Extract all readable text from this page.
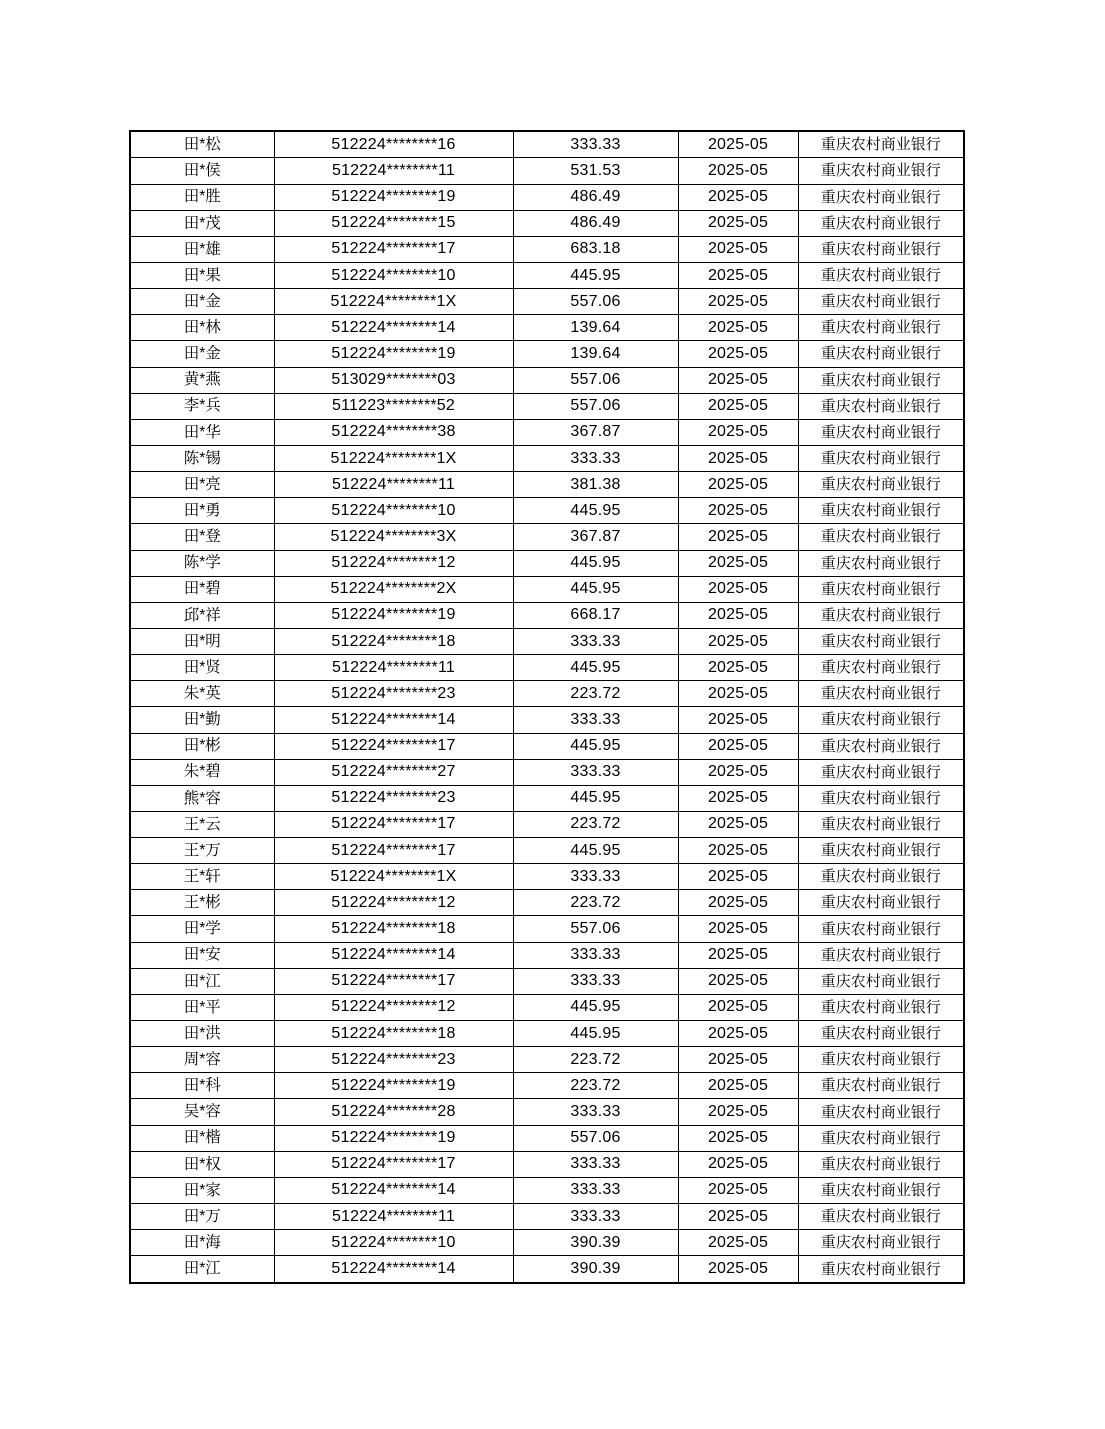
田*松	512224********16	333.33	2025-05	重庆农村商业银行
田*侯	512224********11	531.53	2025-05	重庆农村商业银行
田*胜	512224********19	486.49	2025-05	重庆农村商业银行
田*茂	512224********15	486.49	2025-05	重庆农村商业银行
田*雄	512224********17	683.18	2025-05	重庆农村商业银行
田*果	512224********10	445.95	2025-05	重庆农村商业银行
田*金	512224********1X	557.06	2025-05	重庆农村商业银行
田*林	512224********14	139.64	2025-05	重庆农村商业银行
田*金	512224********19	139.64	2025-05	重庆农村商业银行
黄*燕	513029********03	557.06	2025-05	重庆农村商业银行
李*兵	511223********52	557.06	2025-05	重庆农村商业银行
田*华	512224********38	367.87	2025-05	重庆农村商业银行
陈*锡	512224********1X	333.33	2025-05	重庆农村商业银行
田*亮	512224********11	381.38	2025-05	重庆农村商业银行
田*勇	512224********10	445.95	2025-05	重庆农村商业银行
田*登	512224********3X	367.87	2025-05	重庆农村商业银行
陈*学	512224********12	445.95	2025-05	重庆农村商业银行
田*碧	512224********2X	445.95	2025-05	重庆农村商业银行
邱*祥	512224********19	668.17	2025-05	重庆农村商业银行
田*明	512224********18	333.33	2025-05	重庆农村商业银行
田*贤	512224********11	445.95	2025-05	重庆农村商业银行
朱*英	512224********23	223.72	2025-05	重庆农村商业银行
田*勤	512224********14	333.33	2025-05	重庆农村商业银行
田*彬	512224********17	445.95	2025-05	重庆农村商业银行
朱*碧	512224********27	333.33	2025-05	重庆农村商业银行
熊*容	512224********23	445.95	2025-05	重庆农村商业银行
王*云	512224********17	223.72	2025-05	重庆农村商业银行
王*万	512224********17	445.95	2025-05	重庆农村商业银行
王*轩	512224********1X	333.33	2025-05	重庆农村商业银行
王*彬	512224********12	223.72	2025-05	重庆农村商业银行
田*学	512224********18	557.06	2025-05	重庆农村商业银行
田*安	512224********14	333.33	2025-05	重庆农村商业银行
田*江	512224********17	333.33	2025-05	重庆农村商业银行
田*平	512224********12	445.95	2025-05	重庆农村商业银行
田*洪	512224********18	445.95	2025-05	重庆农村商业银行
周*容	512224********23	223.72	2025-05	重庆农村商业银行
田*科	512224********19	223.72	2025-05	重庆农村商业银行
吴*容	512224********28	333.33	2025-05	重庆农村商业银行
田*楷	512224********19	557.06	2025-05	重庆农村商业银行
田*权	512224********17	333.33	2025-05	重庆农村商业银行
田*家	512224********14	333.33	2025-05	重庆农村商业银行
田*万	512224********11	333.33	2025-05	重庆农村商业银行
田*海	512224********10	390.39	2025-05	重庆农村商业银行
田*江	512224********14	390.39	2025-05	重庆农村商业银行
